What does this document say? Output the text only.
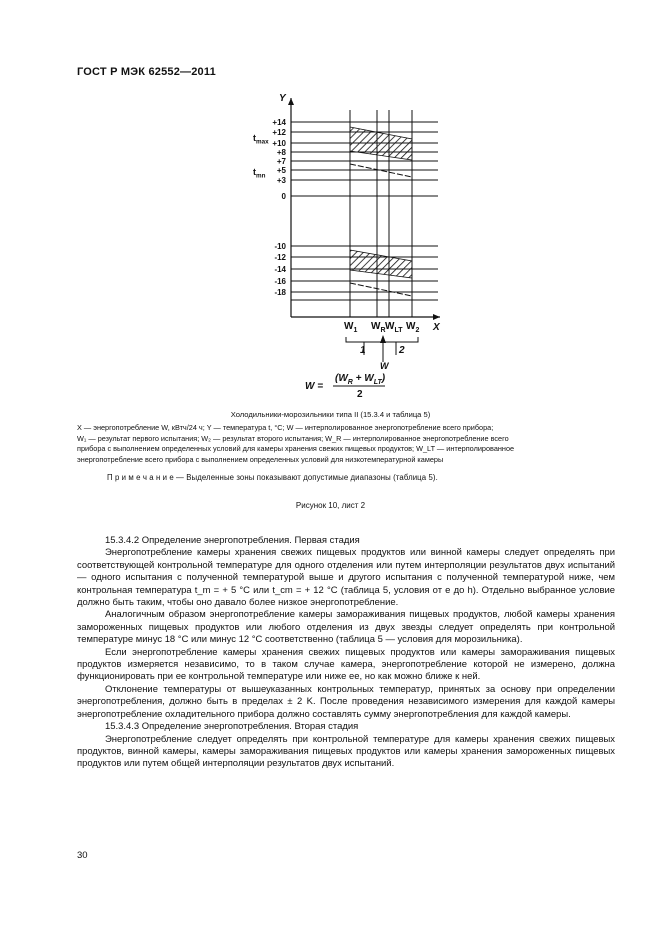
ГОСТ Р МЭК 62552—2011
+14
+12
+10
+8
+7
+5
+3
0
-10
-12
-14
-16
-18
Y
X
$t_{max}$
$t_{mn}$
$W_1$ $W_R$ $W_{LT}$ $W_2$
1	2
W
W =
$(W_R + W_{LT})$
2
Холодильники-морозильники типа II (15.3.4 и таблица 5)
X — энергопотребление W, кВтч/24 ч; Y — температура t, °C; W — интерполированное энергопотребление всего прибора;
W₁ — результат первого испытания; W₂ — результат второго испытания; W_R — интерполированное энергопотребление всего
прибора с выполнением определенных условий для камеры хранения свежих пищевых продуктов; W_LT — интерполированное
энергопотребление всего прибора с выполнением определенных условий для низкотемпературной камеры
П р и м е ч а н и е — Выделенные зоны показывают допустимые диапазоны (таблица 5).
Рисунок 10, лист 2

15.3.4.2 Определение энергопотребления. Первая стадия

Энергопотребление камеры хранения свежих пищевых продуктов или винной камеры следует определять при соответствующей контрольной температуре для одного отделения или путем интерполяции результатов двух испытаний — одного испытания с полученной температурой выше и другого испытания с полученной температурой ниже, чем контрольная температура t_m = + 5 °C или t_cm = + 12 °C (таблица 5, условия от e до h). Отдельно выбранное условие должно быть таким, чтобы оно давало более низкое энергопотребление.

Аналогичным образом энергопотребление камеры замораживания пищевых продуктов, любой камеры хранения замороженных пищевых продуктов или любого отделения из двух звезды следует определять при контрольной температуре минус 18 °C или минус 12 °C соответственно (таблица 5 — условия для морозильника).

Если энергопотребление камеры хранения свежих пищевых продуктов или камеры замораживания пищевых продуктов измеряется независимо, то в таком случае камера, энергопотребление которой не измерено, должна функционировать при ее контрольной температуре или ниже ее, но как можно ближе к ней.

Отклонение температуры от вышеуказанных контрольных температур, принятых за основу при определении энергопотребления, должно быть в пределах ± 2 K. После проведения независимого измерения для каждой камеры энергопотребление охладительного прибора должно составлять сумму энергопотребления для каждой камеры.

15.3.4.3 Определение энергопотребления. Вторая стадия

Энергопотребление следует определять при контрольной температуре для камеры хранения свежих пищевых продуктов, винной камеры, камеры замораживания пищевых продуктов или камеры хранения замороженных пищевых продуктов или путем общей интерполяции результатов двух испытаний.

30
